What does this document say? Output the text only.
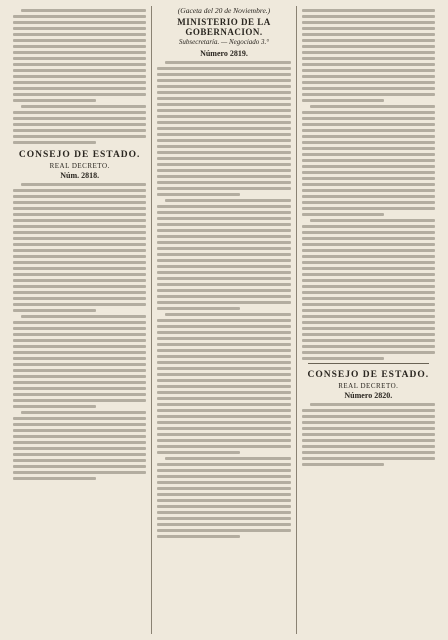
CONSEJO DE ESTADO.
REAL DECRETO.
Núm. 2818.
(Gaceta del 20 de Noviembre.)
MINISTERIO DE LA GOBERNACION.
Subsecretaría. — Negociado 3.°
Número 2819.
CONSEJO DE ESTADO.
REAL DECRETO.
Número 2820.
